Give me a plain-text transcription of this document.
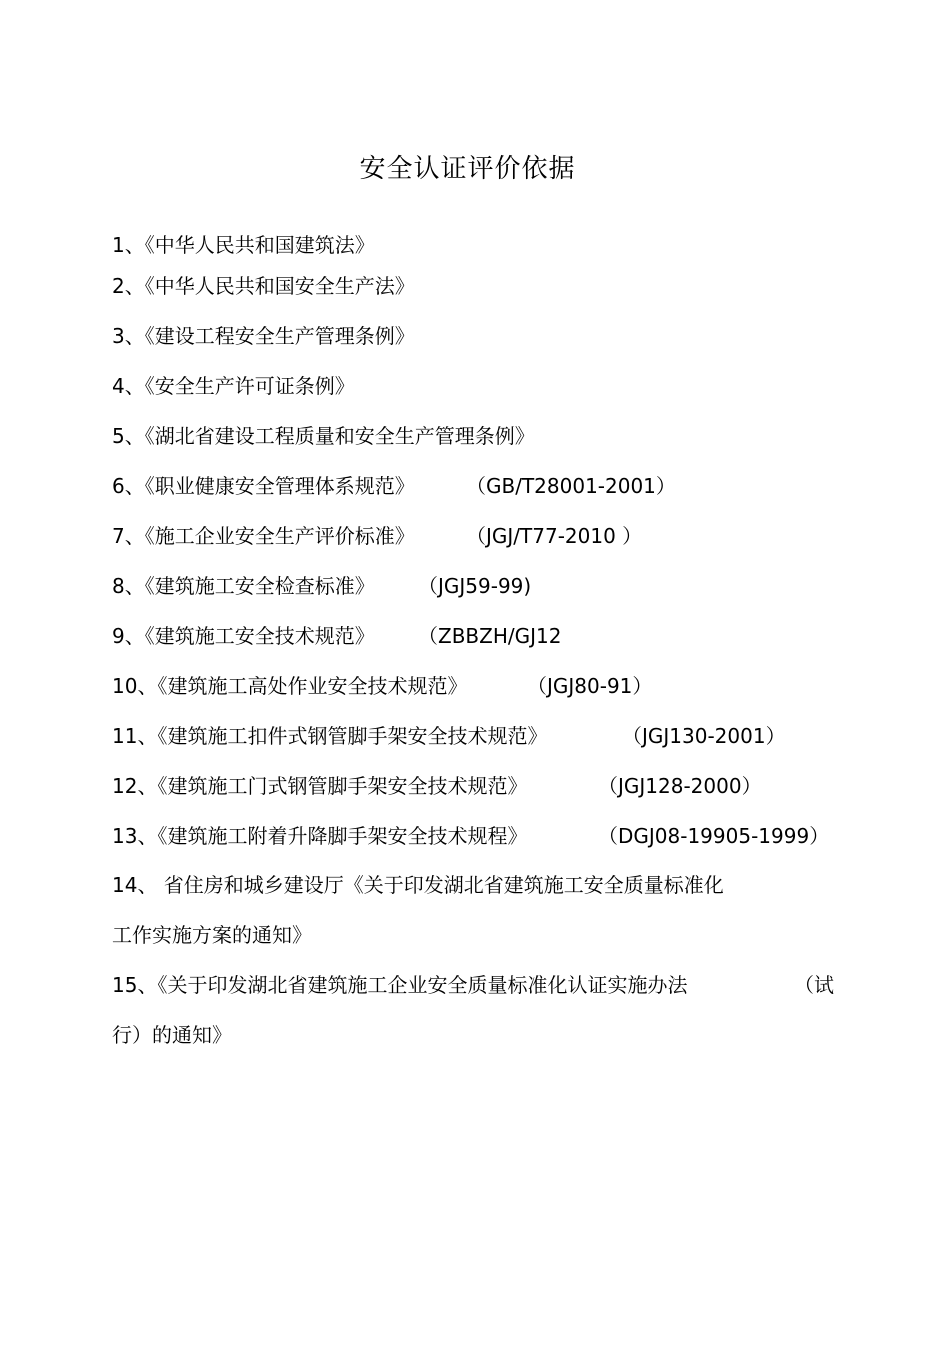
安全认证评价依据
1、《中华人民共和国建筑法》
2、《中华人民共和国安全生产法》
3、《建设工程安全生产管理条例》
4、《安全生产许可证条例》
5、《湖北省建设工程质量和安全生产管理条例》
6、《职业健康安全管理体系规范》	（GB/T28001-2001）
7、《施工企业安全生产评价标准》	（JGJ/T77-2010 ）
8、《建筑施工安全检查标准》 （JGJ59-99)
9、《建筑施工安全技术规范》 （ZBBZH/GJ12
10、《建筑施工高处作业安全技术规范》	（JGJ80-91）
11、《建筑施工扣件式钢管脚手架安全技术规范》	（JGJ130-2001）
12、《建筑施工门式钢管脚手架安全技术规范》	（JGJ128-2000）
13、《建筑施工附着升降脚手架安全技术规程》	（DGJ08-19905-1999）
14、 省住房和城乡建设厅《关于印发湖北省建筑施工安全质量标准化
工作实施方案的通知》
15、《关于印发湖北省建筑施工企业安全质量标准化认证实施办法	（试
行）的通知》
